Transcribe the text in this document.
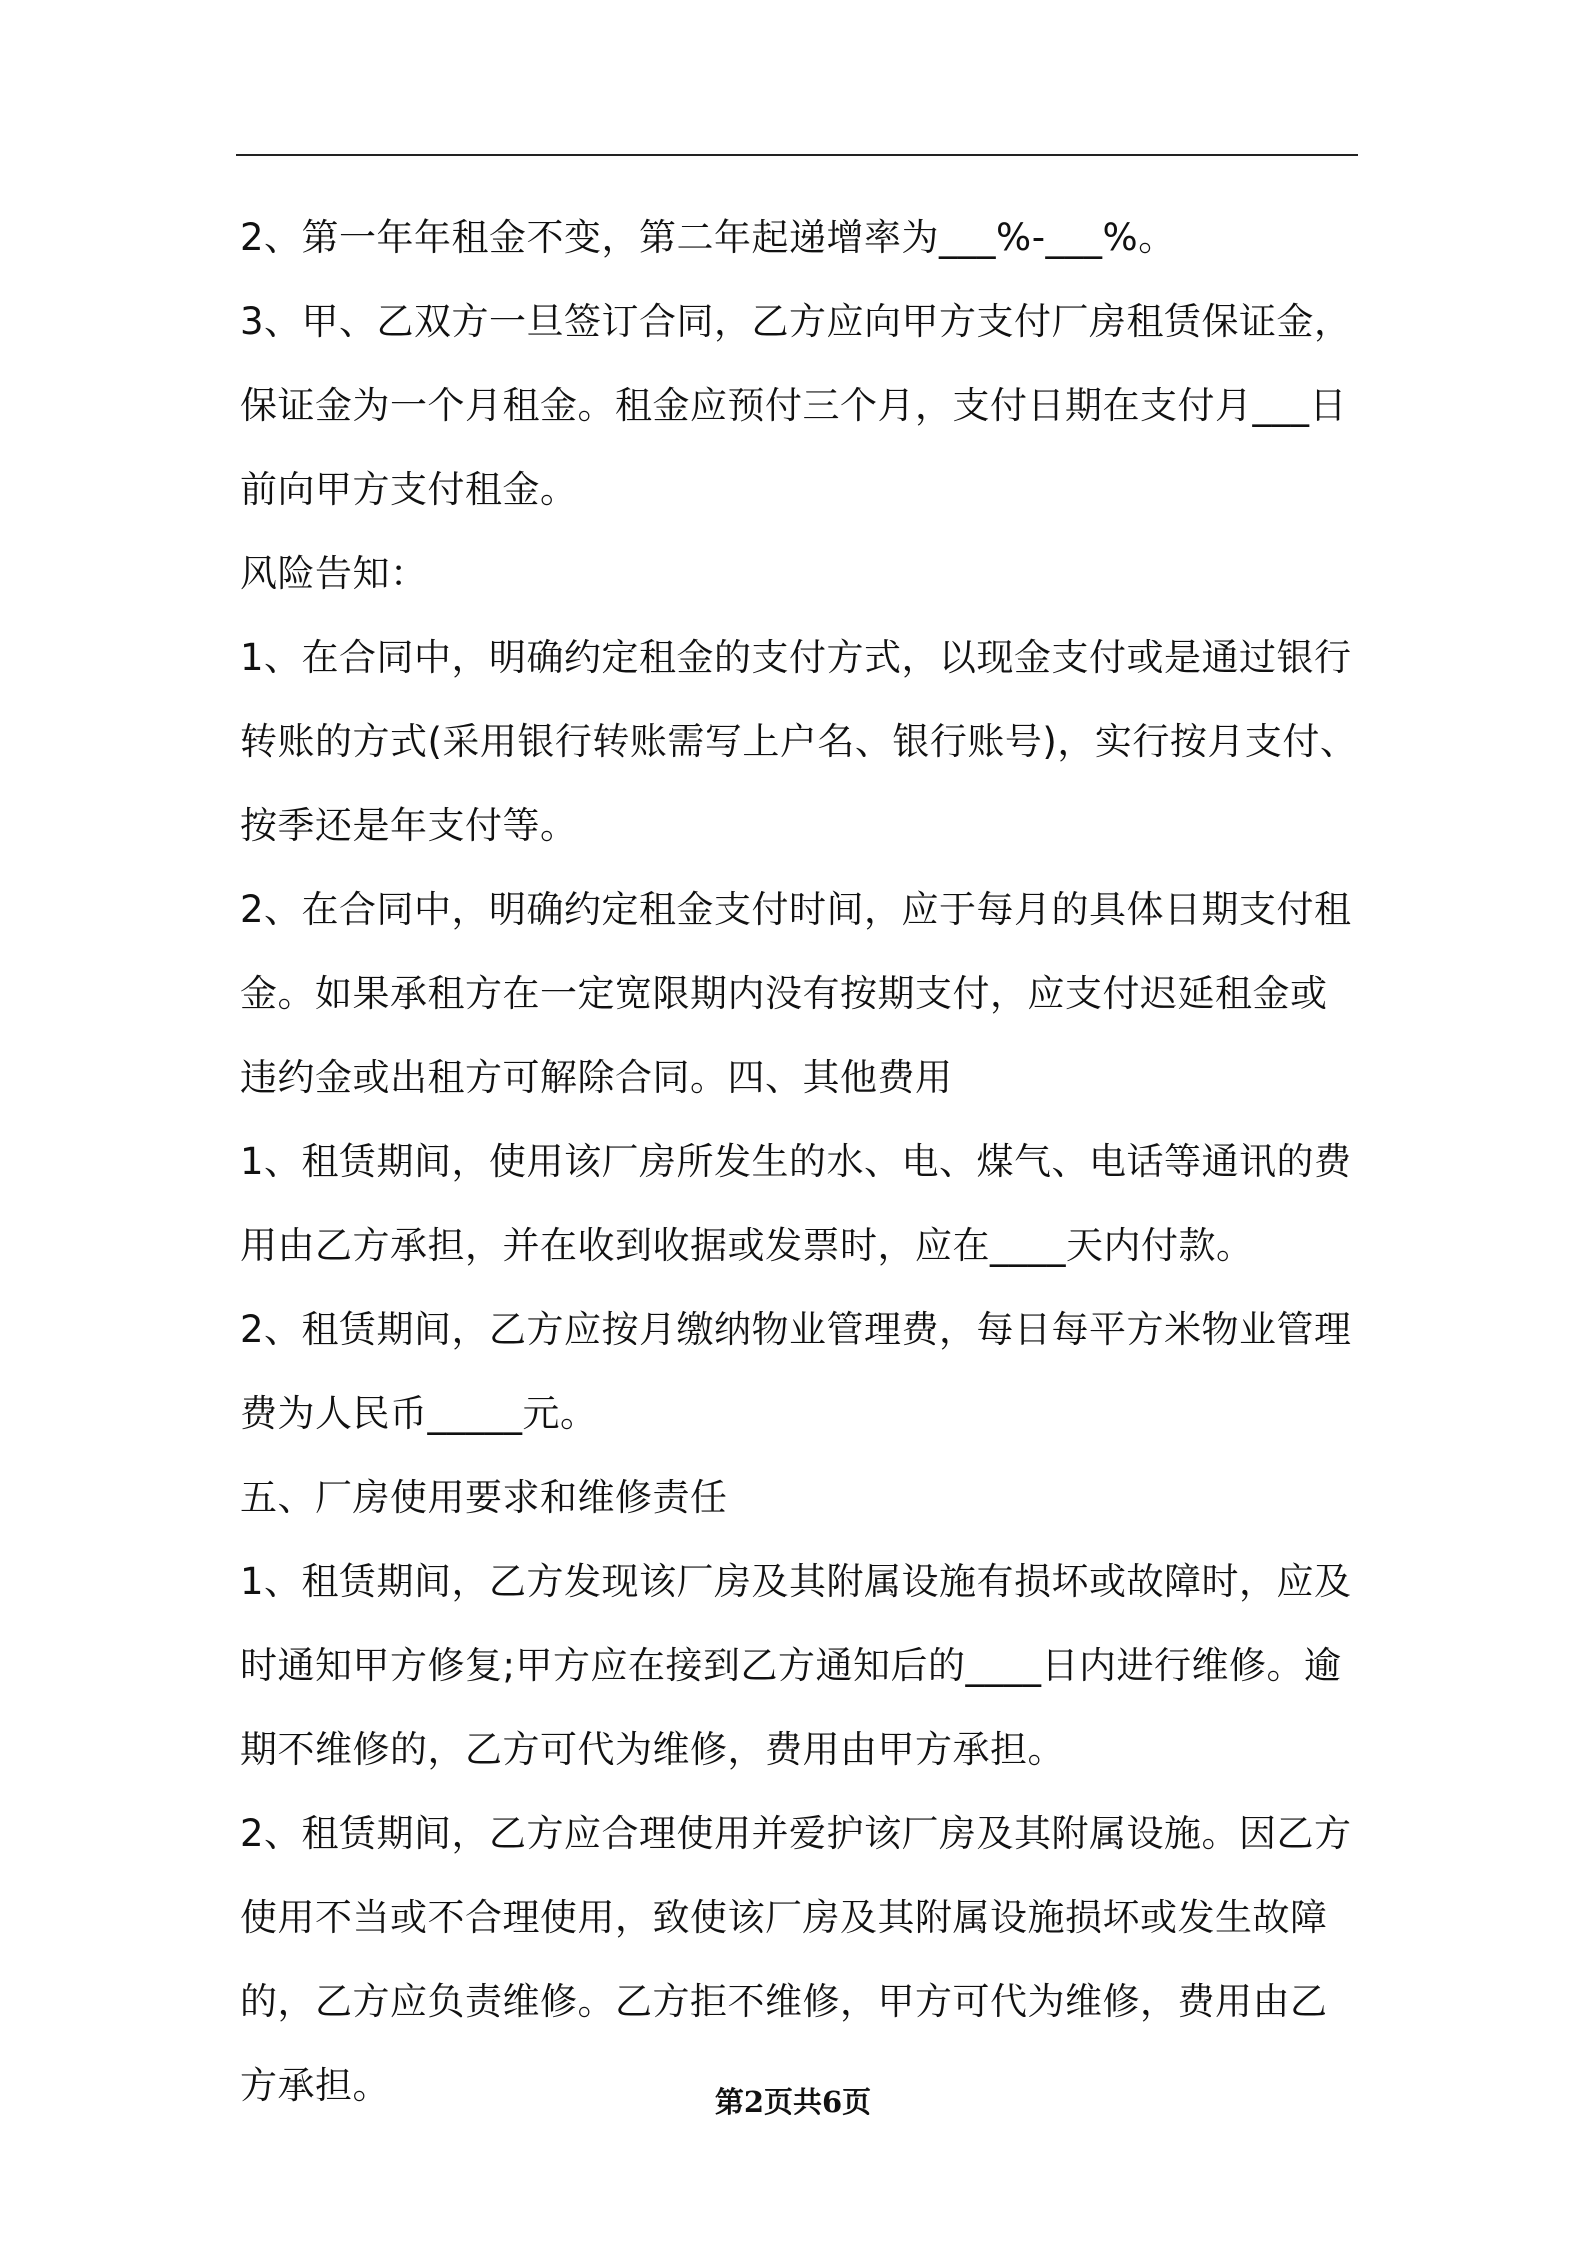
2、第一年年租金不变，第二年起递增率为___%-___%。

3、甲、乙双方一旦签订合同，乙方应向甲方支付厂房租赁保证金，保证金为一个月租金。租金应预付三个月，支付日期在支付月___日前向甲方支付租金。

风险告知：

1、在合同中，明确约定租金的支付方式，以现金支付或是通过银行转账的方式(采用银行转账需写上户名、银行账号)，实行按月支付、按季还是年支付等。

2、在合同中，明确约定租金支付时间，应于每月的具体日期支付租金。如果承租方在一定宽限期内没有按期支付，应支付迟延租金或违约金或出租方可解除合同。四、其他费用

1、租赁期间，使用该厂房所发生的水、电、煤气、电话等通讯的费用由乙方承担，并在收到收据或发票时，应在____天内付款。

2、租赁期间，乙方应按月缴纳物业管理费，每日每平方米物业管理费为人民币_____元。

五、厂房使用要求和维修责任

1、租赁期间，乙方发现该厂房及其附属设施有损坏或故障时，应及时通知甲方修复;甲方应在接到乙方通知后的____日内进行维修。逾期不维修的，乙方可代为维修，费用由甲方承担。

2、租赁期间，乙方应合理使用并爱护该厂房及其附属设施。因乙方使用不当或不合理使用，致使该厂房及其附属设施损坏或发生故障的，乙方应负责维修。乙方拒不维修，甲方可代为维修，费用由乙方承担。	第2页共6页
